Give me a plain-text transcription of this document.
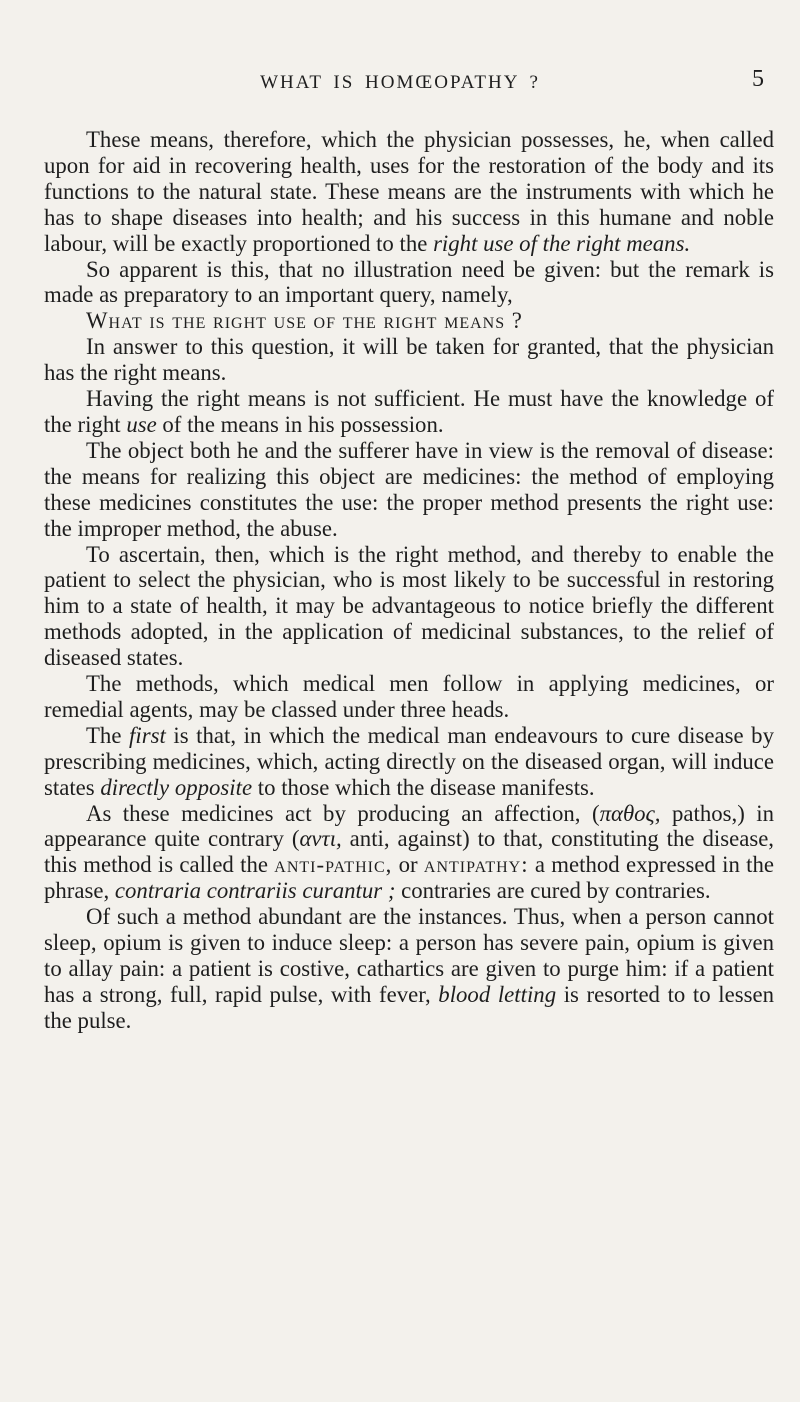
WHAT IS HOMŒOPATHY ?	5

These means, therefore, which the physician possesses, he, when called upon for aid in recovering health, uses for the restoration of the body and its functions to the natural state. These means are the instruments with which he has to shape diseases into health; and his success in this humane and noble labour, will be exactly proportioned to the right use of the right means.

So apparent is this, that no illustration need be given: but the remark is made as preparatory to an important query, namely,

What is the right use of the right means ?

In answer to this question, it will be taken for granted, that the physician has the right means.

Having the right means is not sufficient. He must have the knowledge of the right use of the means in his possession.

The object both he and the sufferer have in view is the removal of disease: the means for realizing this object are medicines: the method of employing these medicines constitutes the use: the proper method presents the right use: the improper method, the abuse.

To ascertain, then, which is the right method, and thereby to enable the patient to select the physician, who is most likely to be successful in restoring him to a state of health, it may be advantageous to notice briefly the different methods adopted, in the application of medicinal substances, to the relief of diseased states.

The methods, which medical men follow in applying medicines, or remedial agents, may be classed under three heads.

The first is that, in which the medical man endeavours to cure disease by prescribing medicines, which, acting directly on the diseased organ, will induce states directly opposite to those which the disease manifests.

As these medicines act by producing an affection, (παθος, pathos,) in appearance quite contrary (αντι, anti, against) to that, constituting the disease, this method is called the anti-pathic, or antipathy: a method expressed in the phrase, contraria contrariis curantur ; contraries are cured by contraries.

Of such a method abundant are the instances. Thus, when a person cannot sleep, opium is given to induce sleep: a person has severe pain, opium is given to allay pain: a patient is costive, cathartics are given to purge him: if a patient has a strong, full, rapid pulse, with fever, blood letting is resorted to to lessen the pulse.
